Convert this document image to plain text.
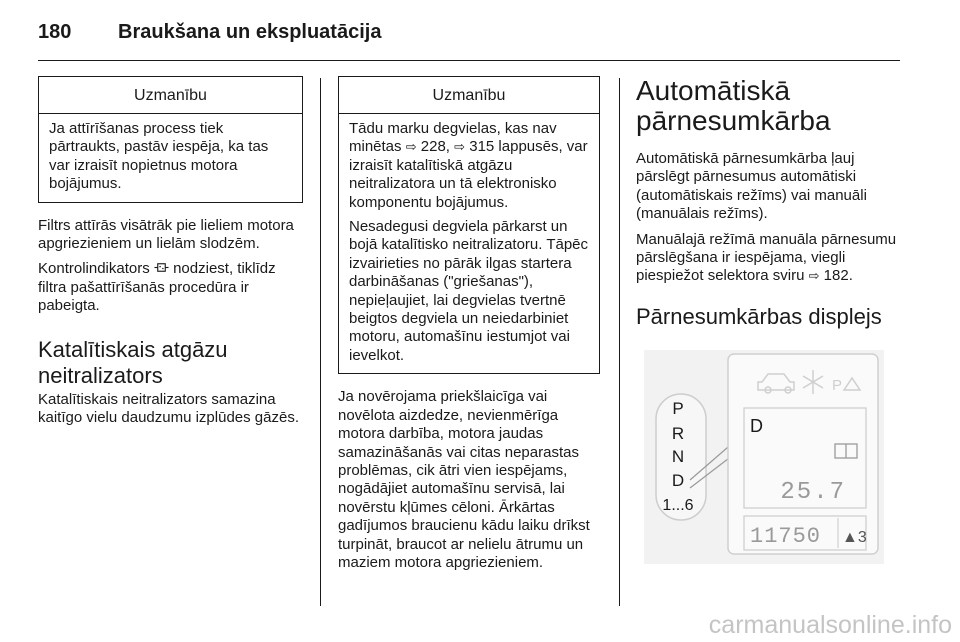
180	Braukšana un ekspluatācija
Uzmanību

Ja attīrīšanas process tiek pārtraukts, pastāv iespēja, ka tas var izraisīt nopietnus motora bojājumus.

Filtrs attīrās visātrāk pie lieliem motora apgriezieniem un lielām slodzēm.

Kontrolindikators nodziest, tiklīdz filtra pašattīrīšanās procedūra ir pabeigta.

Katalītiskais atgāzu neitralizators

Katalītiskais neitralizators samazina kaitīgo vielu daudzumu izplūdes gāzēs.

Uzmanību

Tādu marku degvielas, kas nav minētas ⇨ 228, ⇨ 315 lappusēs, var izraisīt katalītiskā atgāzu neitralizatora un tā elektronisko komponentu bojājumus.

Nesadegusi degviela pārkarst un bojā katalītisko neitralizatoru. Tāpēc izvairieties no pārāk ilgas startera darbināšanas ("griešanas"), nepieļaujiet, lai degvielas tvertnē beigtos degviela un neiedarbiniet motoru, automašīnu iestumjot vai ievelkot.

Ja novērojama priekšlaicīga vai novēlota aizdedze, nevienmērīga motora darbība, motora jaudas samazināšanās vai citas neparastas problēmas, cik ātri vien iespējams, nogādājiet automašīnu servisā, lai novērstu kļūmes cēloni. Ārkārtas gadījumos braucienu kādu laiku drīkst turpināt, braucot ar nelielu ātrumu un maziem motora apgriezieniem.

Automātiskā pārnesumkārba

Automātiskā pārnesumkārba ļauj pārslēgt pārnesumus automātiski (automātiskais režīms) vai manuāli (manuālais režīms).

Manuālajā režīmā manuāla pārnesumu pārslēgšana ir iespējama, viegli piespiežot selektora sviru ⇨ 182.

Pārnesumkārbas displejs
P
R
N
D
1...6
P
D
25.7
11750 ▲3
carmanualsonline.info
